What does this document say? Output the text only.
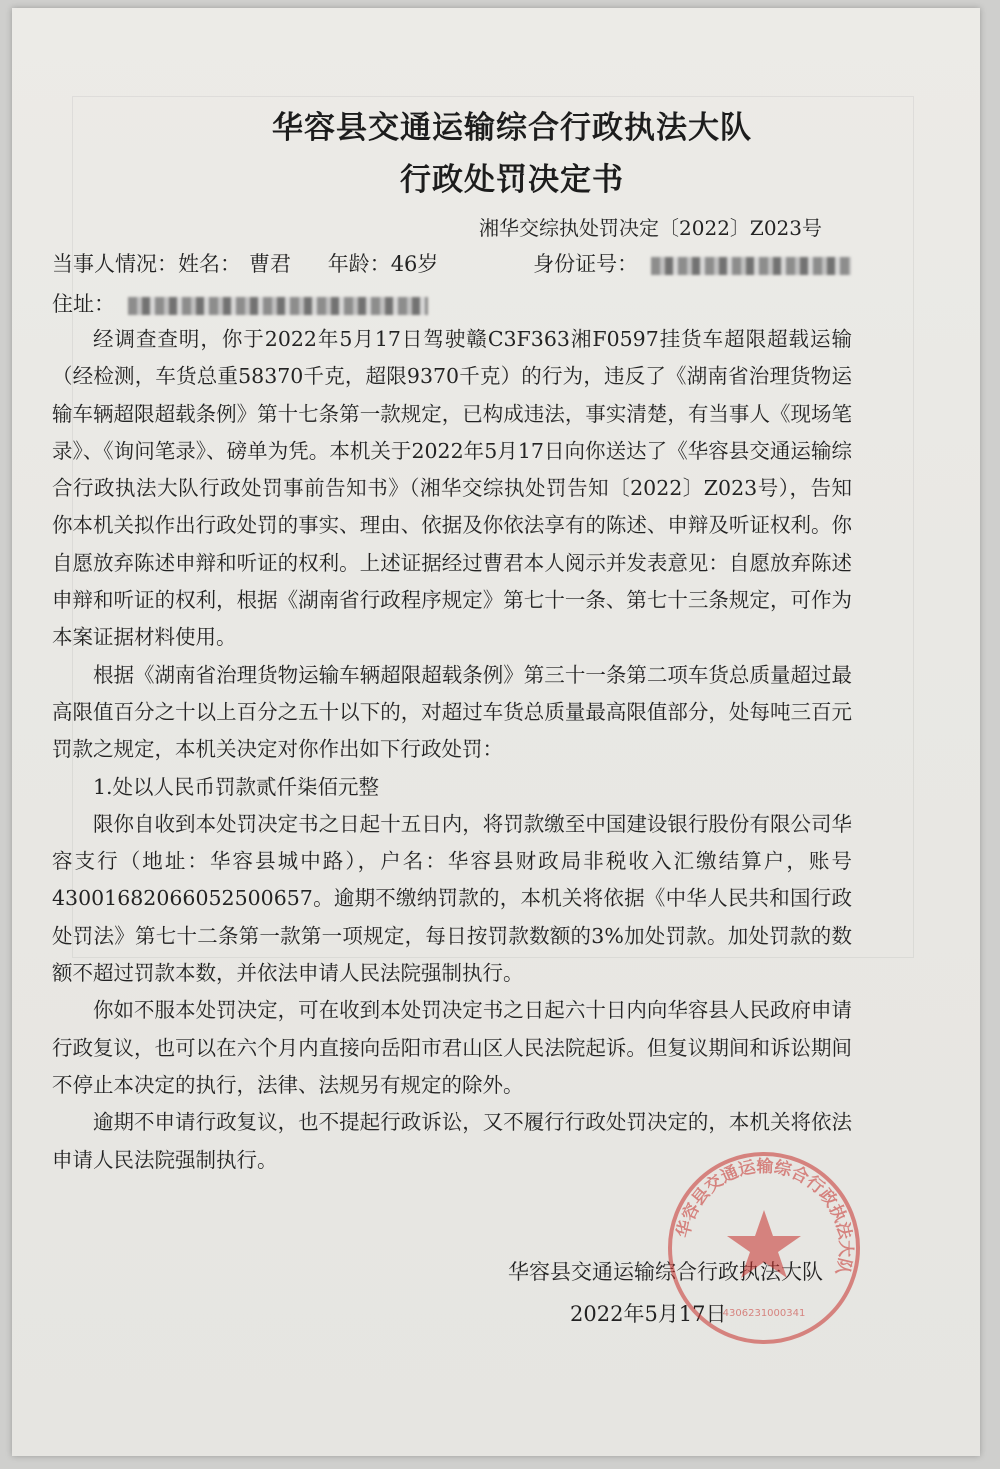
华容县交通运输综合行政执法大队
行政处罚决定书
湘华交综执处罚决定〔2022〕Z023号
当事人情况：姓名： 曹君 年龄：46岁	身份证号：
住址：

经调查查明，你于2022年5月17日驾驶赣C3F363湘F0597挂货车超限超载运输（经检测，车货总重58370千克，超限9370千克）的行为，违反了《湖南省治理货物运输车辆超限超载条例》第十七条第一款规定，已构成违法，事实清楚，有当事人《现场笔录》、《询问笔录》、磅单为凭。本机关于2022年5月17日向你送达了《华容县交通运输综合行政执法大队行政处罚事前告知书》（湘华交综执处罚告知〔2022〕Z023号），告知你本机关拟作出行政处罚的事实、理由、依据及你依法享有的陈述、申辩及听证权利。你自愿放弃陈述申辩和听证的权利。上述证据经过曹君本人阅示并发表意见：自愿放弃陈述申辩和听证的权利，根据《湖南省行政程序规定》第七十一条、第七十三条规定，可作为本案证据材料使用。

根据《湖南省治理货物运输车辆超限超载条例》第三十一条第二项车货总质量超过最高限值百分之十以上百分之五十以下的，对超过车货总质量最高限值部分，处每吨三百元罚款之规定，本机关决定对你作出如下行政处罚：

1.处以人民币罚款贰仟柒佰元整

限你自收到本处罚决定书之日起十五日内，将罚款缴至中国建设银行股份有限公司华容支行（地址：华容县城中路），户名：华容县财政局非税收入汇缴结算户，账号43001682066052500657。逾期不缴纳罚款的，本机关将依据《中华人民共和国行政处罚法》第七十二条第一款第一项规定，每日按罚款数额的3%加处罚款。加处罚款的数额不超过罚款本数，并依法申请人民法院强制执行。

你如不服本处罚决定，可在收到本处罚决定书之日起六十日内向华容县人民政府申请行政复议，也可以在六个月内直接向岳阳市君山区人民法院起诉。但复议期间和诉讼期间不停止本决定的执行，法律、法规另有规定的除外。

逾期不申请行政复议，也不提起行政诉讼，又不履行行政处罚决定的，本机关将依法申请人民法院强制执行。

华容县交通运输综合行政执法大队
2022年5月17日
华容县交通运输综合行政执法大队
4306231000341
